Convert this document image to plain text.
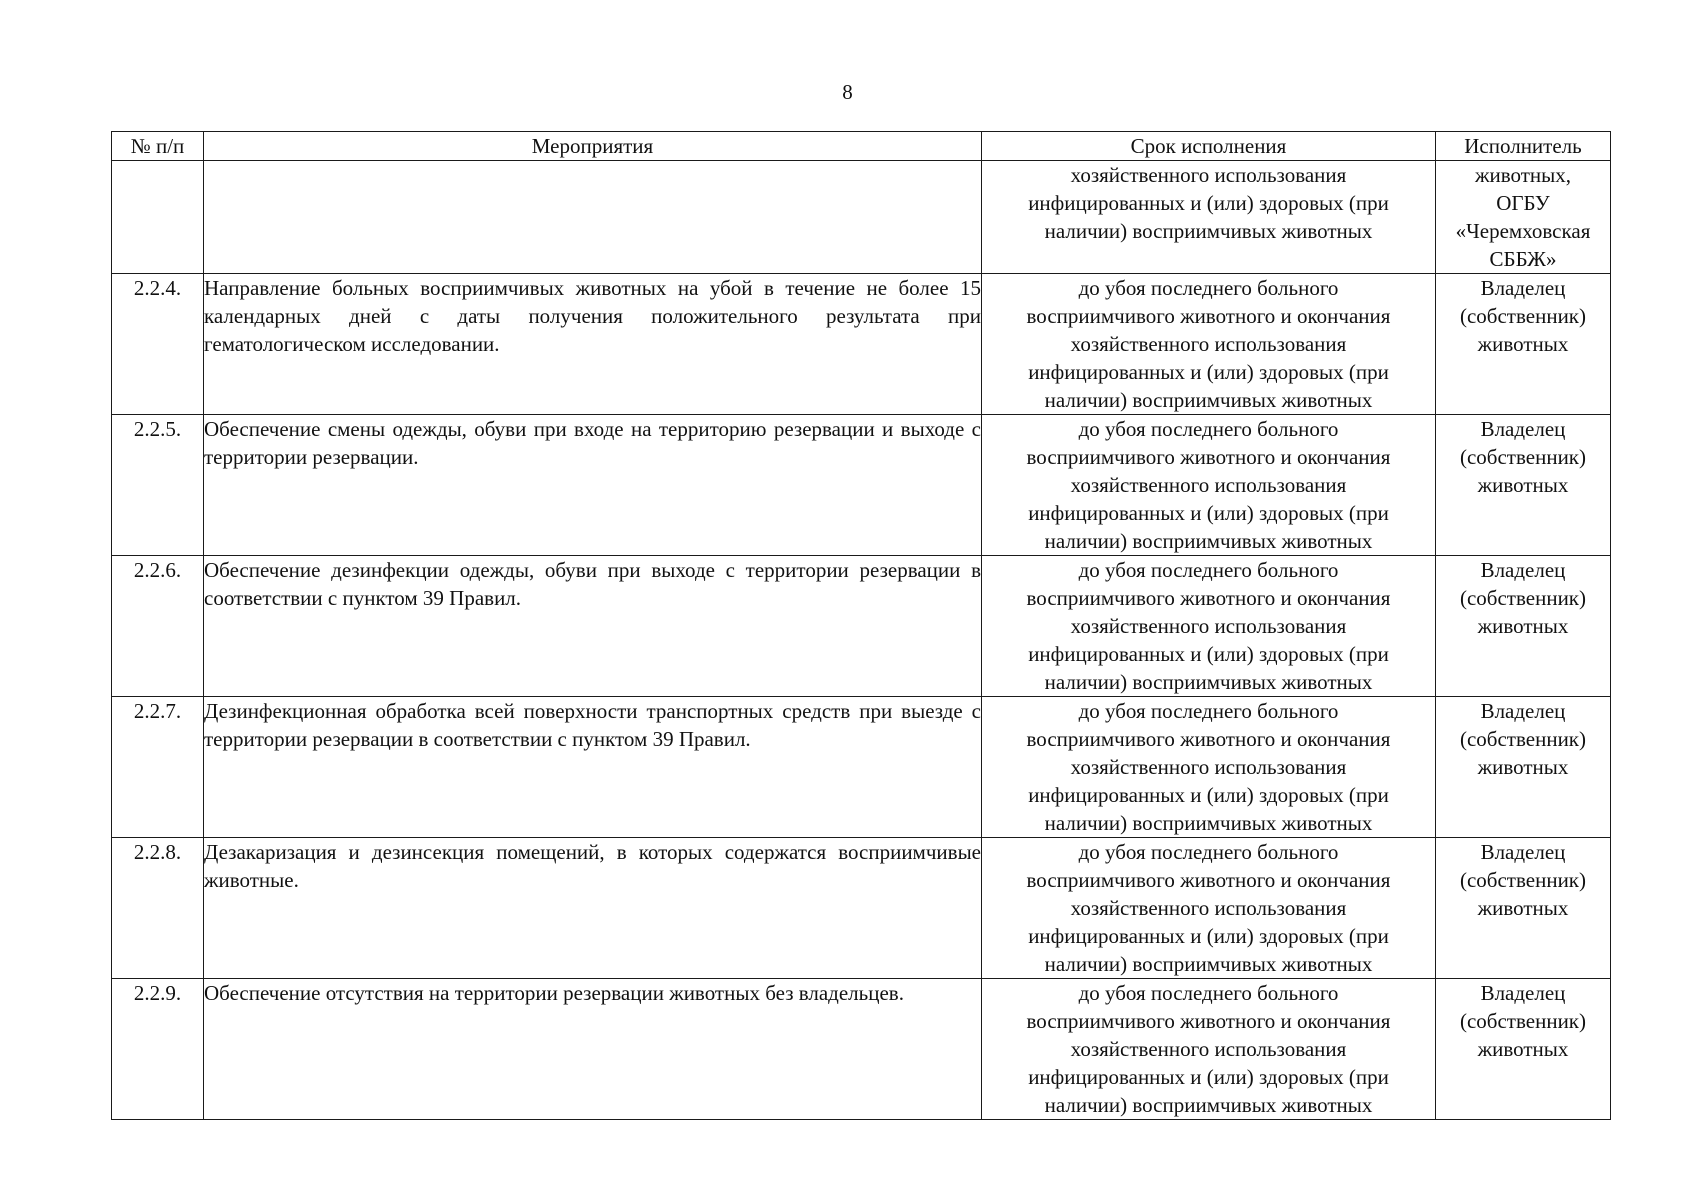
8
№ п/п	Мероприятия	Срок исполнения	Исполнитель

		хозяйственного использования
инфицированных и (или) здоровых (при
наличии) восприимчивых животных	животных,
ОГБУ
«Черемховская
СББЖ»

2.2.4.	Направление больных восприимчивых животных на убой в течение не более 15 календарных дней с даты получения положительного результата при гематологическом исследовании.	до убоя последнего больного
восприимчивого животного и окончания
хозяйственного использования
инфицированных и (или) здоровых (при
наличии) восприимчивых животных	Владелец
(собственник)
животных

2.2.5.	Обеспечение смены одежды, обуви при входе на территорию резервации и выходе с территории резервации.	до убоя последнего больного
восприимчивого животного и окончания
хозяйственного использования
инфицированных и (или) здоровых (при
наличии) восприимчивых животных	Владелец
(собственник)
животных

2.2.6.	Обеспечение дезинфекции одежды, обуви при выходе с территории резервации в соответствии с пунктом 39 Правил.	до убоя последнего больного
восприимчивого животного и окончания
хозяйственного использования
инфицированных и (или) здоровых (при
наличии) восприимчивых животных	Владелец
(собственник)
животных

2.2.7.	Дезинфекционная обработка всей поверхности транспортных средств при выезде с территории резервации в соответствии с пунктом 39 Правил.	до убоя последнего больного
восприимчивого животного и окончания
хозяйственного использования
инфицированных и (или) здоровых (при
наличии) восприимчивых животных	Владелец
(собственник)
животных

2.2.8.	Дезакаризация и дезинсекция помещений, в которых содержатся восприимчивые животные.	до убоя последнего больного
восприимчивого животного и окончания
хозяйственного использования
инфицированных и (или) здоровых (при
наличии) восприимчивых животных	Владелец
(собственник)
животных

2.2.9.	Обеспечение отсутствия на территории резервации животных без владельцев.	до убоя последнего больного
восприимчивого животного и окончания
хозяйственного использования
инфицированных и (или) здоровых (при
наличии) восприимчивых животных	Владелец
(собственник)
животных
